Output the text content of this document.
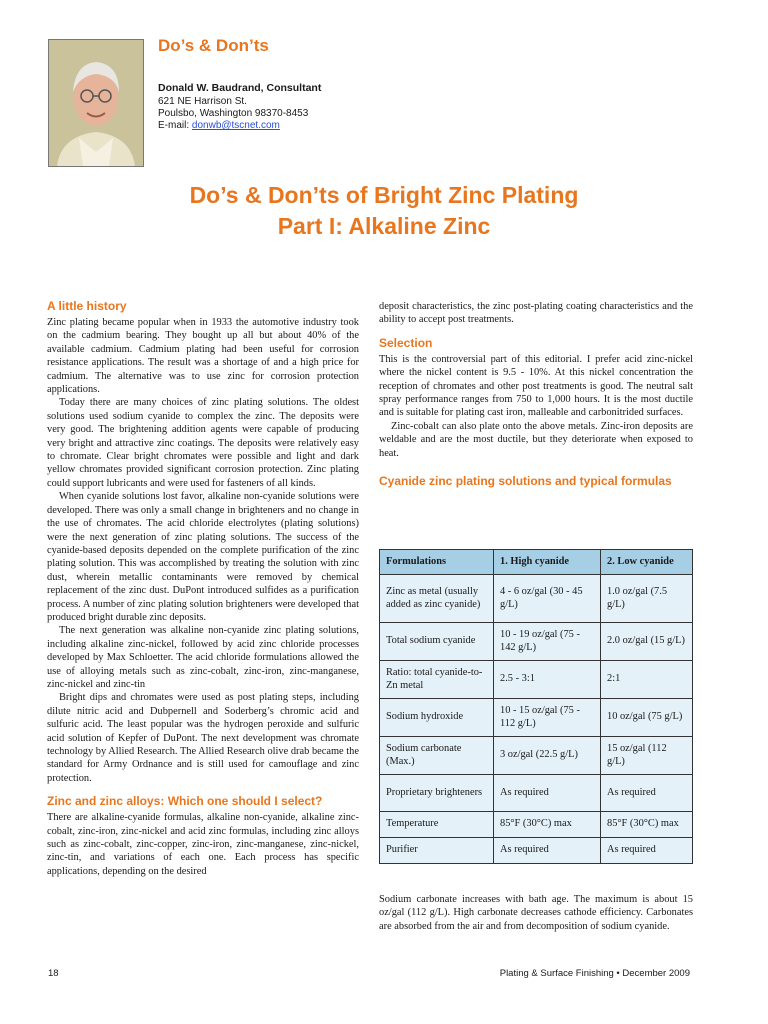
Do’s & Don’ts
Donald W. Baudrand, Consultant
621 NE Harrison St.
Poulsbo, Washington 98370-8453
E-mail: donwb@tscnet.com
Do’s & Don’ts of Bright Zinc Plating
Part I: Alkaline Zinc
A little history

Zinc plating became popular when in 1933 the automotive industry took on the cadmium bearing. They bought up all but about 40% of the available cadmium. Cadmium plating had been useful for corrosion resistance applications. The result was a shortage of and a high price for cadmium. The alternative was to use zinc for corrosion protection applications.

Today there are many choices of zinc plating solutions. The oldest solutions used sodium cyanide to complex the zinc. The deposits were very good. The brightening addition agents were capable of producing very bright and attractive zinc coatings. The deposits were relatively easy to chromate. Clear bright chromates were possible and light and dark yellow chromates provided significant corrosion protection. Zinc plating could support lubricants and were used for fasteners of all kinds.

When cyanide solutions lost favor, alkaline non-cyanide solutions were developed. There was only a small change in brighteners and no change in the use of chromates. The acid chloride electrolytes (plating solutions) were the next generation of zinc plating solutions. The success of the cyanide-based deposits depended on the complete purification of the zinc plating solution. This was accomplished by treating the solution with zinc dust, wherein metallic contaminants were removed by chemical replacement of the zinc dust. DuPont introduced sulfides as a purification process. A number of zinc plating solution brighteners were developed that produced bright durable zinc deposits.

The next generation was alkaline non-cyanide zinc plating solutions, including alkaline zinc-nickel, followed by acid zinc chloride processes developed by Max Schloetter. The acid chloride formulations allowed the use of alloying metals such as zinc-cobalt, zinc-iron, zinc-manganese, zinc-nickel and zinc-tin

Bright dips and chromates were used as post plating steps, including dilute nitric acid and Dubpernell and Soderberg’s chromic acid and sulfuric acid. The least popular was the hydrogen peroxide and sulfuric acid solution of Kepfer of DuPont. The next development was chromate technology by Allied Research. The Allied Research olive drab became the standard for Army Ordnance and is still used for camouflage and zinc protection.

Zinc and zinc alloys: Which one should I select?

There are alkaline-cyanide formulas, alkaline non-cyanide, alkaline zinc-cobalt, zinc-iron, zinc-nickel and acid zinc formulas, including zinc alloys such as zinc-cobalt, zinc-copper, zinc-iron, zinc-manganese, zinc-nickel, zinc-tin, and variations of each one. Each process has specific applications, depending on the desired

deposit characteristics, the zinc post-plating coating characteristics and the ability to accept post treatments.

Selection

This is the controversial part of this editorial. I prefer acid zinc-nickel where the nickel content is 9.5 - 10%. At this nickel concentration the reception of chromates and other post treatments is good. The neutral salt spray performance ranges from 750 to 1,000 hours. It is the most ductile and is suitable for plating cast iron, malleable and carbonitrided surfaces.

Zinc-cobalt can also plate onto the above metals. Zinc-iron deposits are weldable and are the most ductile, but they deteriorate when exposed to heat.

Cyanide zinc plating solutions and typical formulas
Formulations	1. High cyanide	2. Low cyanide
Zinc as metal (usually added as zinc cyanide)	4 - 6 oz/gal (30 - 45 g/L)	1.0 oz/gal (7.5 g/L)
Total sodium cyanide	10 - 19 oz/gal (75 - 142 g/L)	2.0 oz/gal (15 g/L)
Ratio: total cyanide-to-Zn metal	2.5 - 3:1	2:1
Sodium hydroxide	10 - 15 oz/gal (75 - 112 g/L)	10 oz/gal (75 g/L)
Sodium carbonate (Max.)	3 oz/gal (22.5 g/L)	15 oz/gal (112 g/L)
Proprietary brighteners	As required	As required
Temperature	85°F (30°C) max	85°F (30°C) max
Purifier	As required	As required

Sodium carbonate increases with bath age. The maximum is about 15 oz/gal (112 g/L). High carbonate decreases cathode efficiency. Carbonates are absorbed from the air and from decomposition of sodium cyanide.

18	Plating & Surface Finishing • December 2009
